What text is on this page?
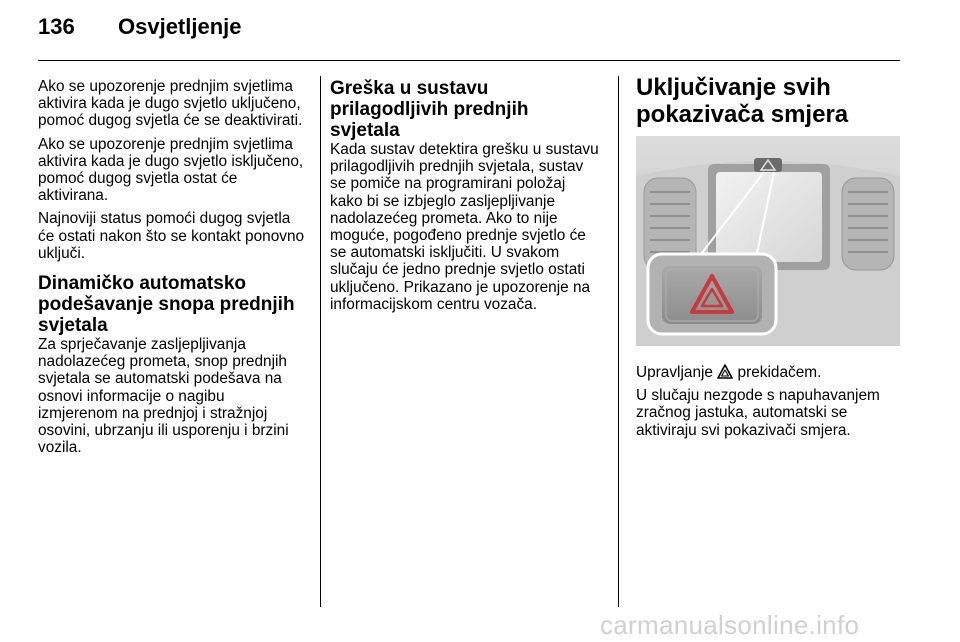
136 Osvjetljenje

Ako se upozorenje prednjim svjetlima aktivira kada je dugo svjetlo uključeno, pomoć dugog svjetla će se deaktivirati.

Ako se upozorenje prednjim svjetlima aktivira kada je dugo svjetlo isključeno, pomoć dugog svjetla ostat će aktivirana.

Najnoviji status pomoći dugog svjetla će ostati nakon što se kontakt ponovno uključi.

Dinamičko automatsko podešavanje snopa prednjih svjetala

Za sprječavanje zasljepljivanja nadolazećeg prometa, snop prednjih svjetala se automatski podešava na osnovi informacije o nagibu izmjerenom na prednjoj i stražnjoj osovini, ubrzanju ili usporenju i brzini vozila.

Greška u sustavu prilagodljivih prednjih svjetala

Kada sustav detektira grešku u sustavu prilagodljivih prednjih svjetala, sustav se pomiče na programirani položaj kako bi se izbjeglo zasljepljivanje nadolazećeg prometa. Ako to nije moguće, pogođeno prednje svjetlo će se automatski isključiti. U svakom slučaju će jedno prednje svjetlo ostati uključeno. Prikazano je upozorenje na informacijskom centru vozača.

Uključivanje svih pokazivača smjera

Upravljanje  prekidačem.

U slučaju nezgode s napuhavanjem zračnog jastuka, automatski se aktiviraju svi pokazivači smjera.

carmanualsonline.info
